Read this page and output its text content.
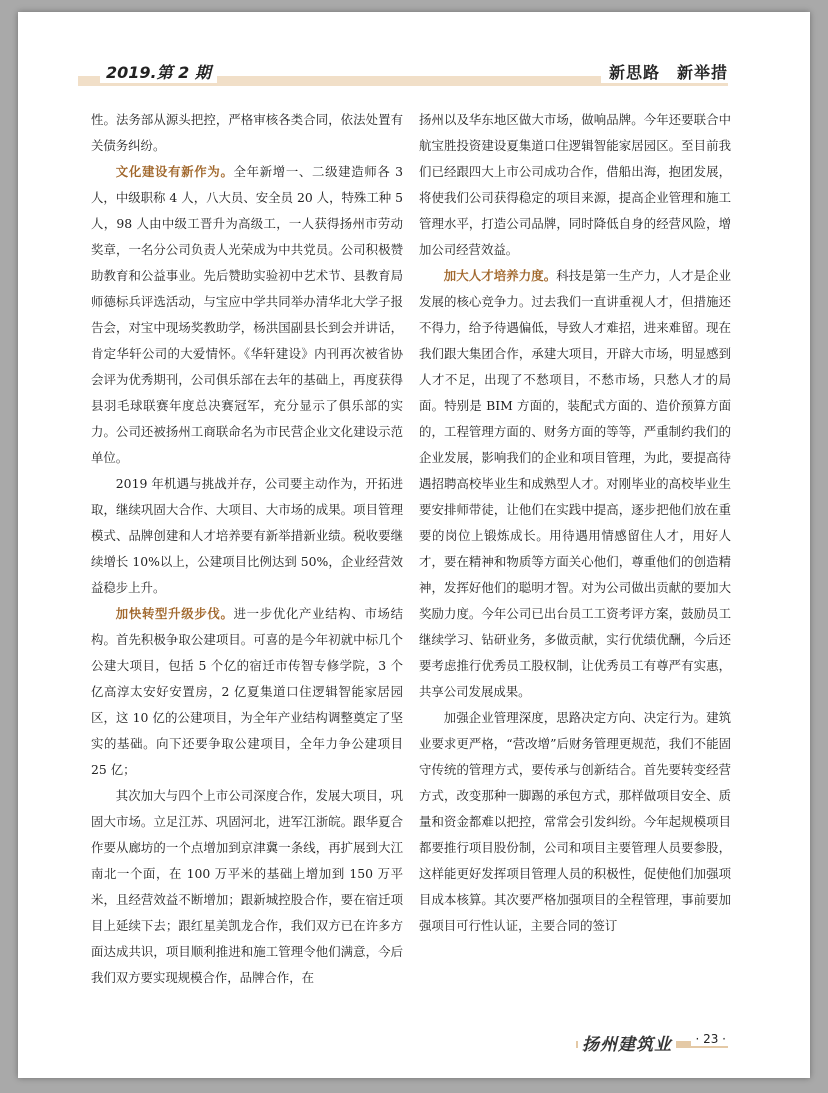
2019.第 2 期	新思路　新举措

性。法务部从源头把控，严格审核各类合同，依法处置有关债务纠纷。

文化建设有新作为。全年新增一、二级建造师各 3 人，中级职称 4 人，八大员、安全员 20 人，特殊工种 5 人，98 人由中级工晋升为高级工，一人获得扬州市劳动奖章，一名分公司负责人光荣成为中共党员。公司积极赞助教育和公益事业。先后赞助实验初中艺术节、县教育局师德标兵评选活动，与宝应中学共同举办清华北大学子报告会，对宝中现场奖教助学，杨洪国副县长到会并讲话，肯定华轩公司的大爱情怀。《华轩建设》内刊再次被省协会评为优秀期刊，公司俱乐部在去年的基础上，再度获得县羽毛球联赛年度总决赛冠军，充分显示了俱乐部的实力。公司还被扬州工商联命名为市民营企业文化建设示范单位。

2019 年机遇与挑战并存，公司要主动作为，开拓进取，继续巩固大合作、大项目、大市场的成果。项目管理模式、品牌创建和人才培养要有新举措新业绩。税收要继续增长 10%以上，公建项目比例达到 50%，企业经营效益稳步上升。

加快转型升级步伐。进一步优化产业结构、市场结构。首先积极争取公建项目。可喜的是今年初就中标几个公建大项目，包括 5 个亿的宿迁市传智专修学院，3 个亿高淳太安好安置房，2 亿夏集道口住逻辑智能家居园区，这 10 亿的公建项目，为全年产业结构调整奠定了坚实的基础。向下还要争取公建项目，全年力争公建项目 25 亿；

其次加大与四个上市公司深度合作，发展大项目，巩固大市场。立足江苏、巩固河北，进军江浙皖。跟华夏合作要从廊坊的一个点增加到京津冀一条线，再扩展到大江南北一个面，在 100 万平米的基础上增加到 150 万平米，且经营效益不断增加；跟新城控股合作，要在宿迁项目上延续下去；跟红星美凯龙合作，我们双方已在许多方面达成共识，项目顺利推进和施工管理令他们满意，今后我们双方要实现规模合作，品牌合作，在

扬州以及华东地区做大市场，做响品牌。今年还要联合中航宝胜投资建设夏集道口住逻辑智能家居园区。至目前我们已经跟四大上市公司成功合作，借船出海，抱团发展，将使我们公司获得稳定的项目来源，提高企业管理和施工管理水平，打造公司品牌，同时降低自身的经营风险，增加公司经营效益。

加大人才培养力度。科技是第一生产力，人才是企业发展的核心竞争力。过去我们一直讲重视人才，但措施还不得力，给予待遇偏低，导致人才难招，进来难留。现在我们跟大集团合作，承建大项目，开辟大市场，明显感到人才不足，出现了不愁项目，不愁市场，只愁人才的局面。特别是 BIM 方面的，装配式方面的、造价预算方面的，工程管理方面的、财务方面的等等，严重制约我们的企业发展，影响我们的企业和项目管理，为此，要提高待遇招聘高校毕业生和成熟型人才。对刚毕业的高校毕业生要安排师带徒，让他们在实践中提高，逐步把他们放在重要的岗位上锻炼成长。用待遇用情感留住人才，用好人才，要在精神和物质等方面关心他们，尊重他们的创造精神，发挥好他们的聪明才智。对为公司做出贡献的要加大奖励力度。今年公司已出台员工工资考评方案，鼓励员工继续学习、钻研业务，多做贡献，实行优绩优酬，今后还要考虑推行优秀员工股权制，让优秀员工有尊严有实惠，共享公司发展成果。

加强企业管理深度，思路决定方向、决定行为。建筑业要求更严格，“营改增”后财务管理更规范，我们不能固守传统的管理方式，要传承与创新结合。首先要转变经营方式，改变那种一脚踢的承包方式，那样做项目安全、质量和资金都难以把控，常常会引发纠纷。今年起规模项目都要推行项目股份制，公司和项目主要管理人员要参股，这样能更好发挥项目管理人员的积极性，促使他们加强项目成本核算。其次要严格加强项目的全程管理，事前要加强项目可行性认证，主要合同的签订

扬州建筑业	· 23 ·
